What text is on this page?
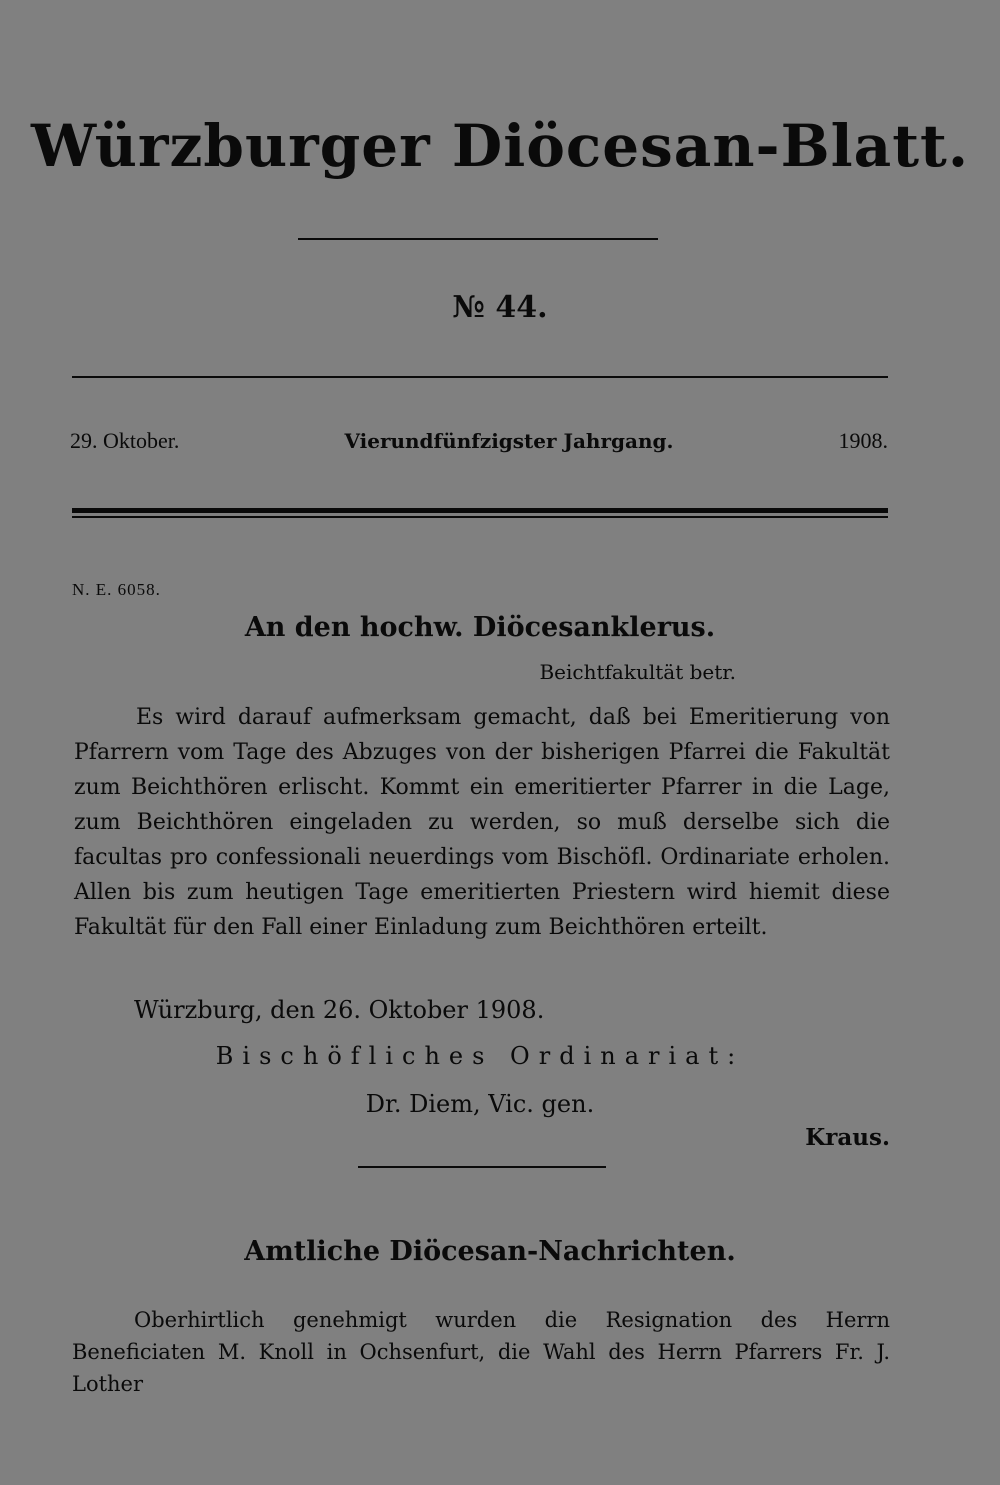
Würzburger Diöcesan-Blatt.
№ 44.
29. Oktober.	Vierundfünfzigster Jahrgang.	1908.
N. E. 6058.
An den hochw. Diöcesanklerus.
Beichtfakultät betr.

Es wird darauf aufmerksam gemacht, daß bei Emeritierung von Pfarrern vom Tage des Abzuges von der bisherigen Pfarrei die Fakultät zum Beichthören erlischt. Kommt ein emeritierter Pfarrer in die Lage, zum Beichthören eingeladen zu werden, so muß derselbe sich die facultas pro confessionali neuerdings vom Bischöfl. Ordinariate erholen. Allen bis zum heutigen Tage emeritierten Priestern wird hiemit diese Fakultät für den Fall einer Einladung zum Beichthören erteilt.

Würzburg, den 26. Oktober 1908.
Bischöfliches Ordinariat:
Dr. Diem, Vic. gen.
Kraus.
Amtliche Diöcesan-Nachrichten.

Oberhirtlich genehmigt wurden die Resignation des Herrn Beneficiaten M. Knoll in Ochsenfurt, die Wahl des Herrn Pfarrers Fr. J. Lother
